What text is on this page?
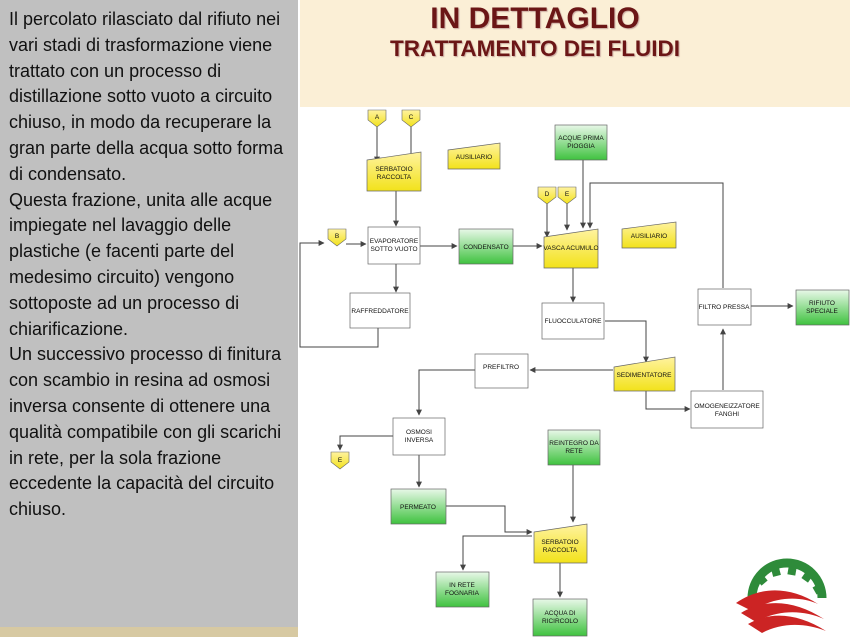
Il percolato rilasciato dal rifiuto nei vari stadi di trasformazione viene trattato con un processo di distillazione sotto vuoto a circuito chiuso, in modo da recuperare la gran parte della acqua sotto forma di condensato.
Questa frazione, unita alle acque impiegate nel lavaggio delle plastiche (e facenti parte del medesimo circuito) vengono sottoposte ad un processo di chiarificazione.
Un successivo processo di finitura con scambio in resina ad osmosi inversa consente di ottenere una qualità compatibile con gli scarichi in rete, per la sola frazione eccedente la capacità del circuito chiuso.
IN DETTAGLIO
TRATTAMENTO DEI FLUIDI
A	C
B
D E
E
SERBATOIO
RACCOLTA
AUSILIARIO
EVAPORATORE
SOTTO VUOTO	CONDENSATO
RAFFREDDATORE
ACQUE PRIMA
PIOGGIA
VASCA ACUMULO
AUSILIARIO
FLUOCCULATORE
FILTRO PRESSA
RIFIUTO
SPECIALE
PREFILTRO
SEDIMENTATORE
OMOGENEIZZATORE
FANGHI
OSMOSI
INVERSA	REINTEGRO DA
RETE
PERMEATO
SERBATOIO
RACCOLTA
IN RETE
FOGNARIA
ACQUA DI
RICIRCOLO
